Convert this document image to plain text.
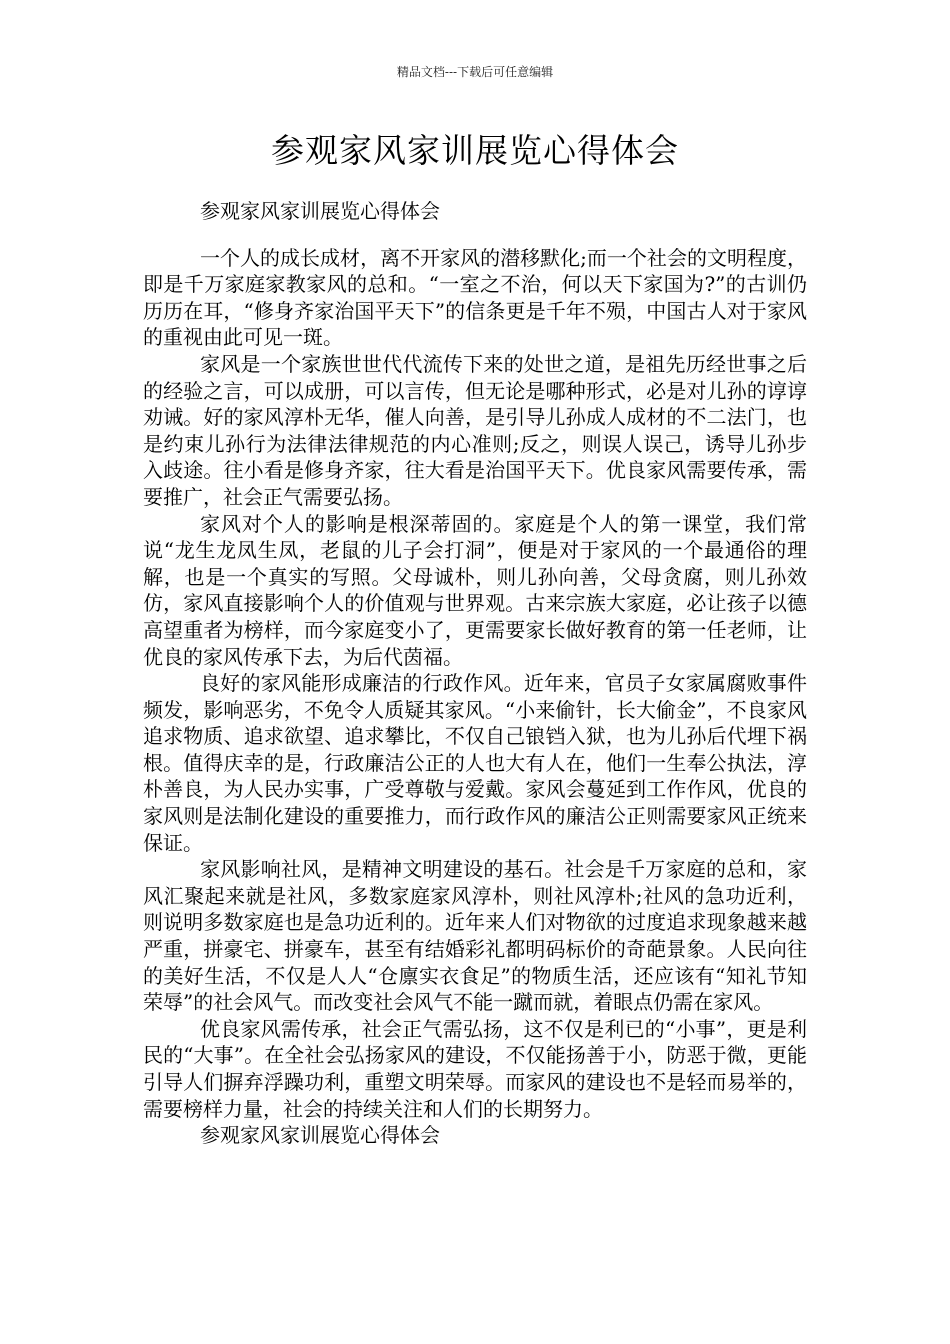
精品文档---下载后可任意编辑
参观家风家训展览心得体会

参观家风家训展览心得体会

一个人的成长成材，离不开家风的潜移默化;而一个社会的文明程度，即是千万家庭家教家风的总和。“一室之不治，何以天下家国为?”的古训仍历历在耳，“修身齐家治国平天下”的信条更是千年不殒，中国古人对于家风的重视由此可见一斑。

家风是一个家族世世代代流传下来的处世之道，是祖先历经世事之后的经验之言，可以成册，可以言传，但无论是哪种形式，必是对儿孙的谆谆劝诫。好的家风淳朴无华，催人向善，是引导儿孙成人成材的不二法门，也是约束儿孙行为法律法律规范的内心准则;反之，则误人误己，诱导儿孙步入歧途。往小看是修身齐家，往大看是治国平天下。优良家风需要传承，需要推广，社会正气需要弘扬。

家风对个人的影响是根深蒂固的。家庭是个人的第一课堂，我们常说“龙生龙凤生凤，老鼠的儿子会打洞”，便是对于家风的一个最通俗的理解，也是一个真实的写照。父母诚朴，则儿孙向善，父母贪腐，则儿孙效仿，家风直接影响个人的价值观与世界观。古来宗族大家庭，必让孩子以德高望重者为榜样，而今家庭变小了，更需要家长做好教育的第一任老师，让优良的家风传承下去，为后代茵福。

良好的家风能形成廉洁的行政作风。近年来，官员子女家属腐败事件频发，影响恶劣，不免令人质疑其家风。“小来偷针，长大偷金”，不良家风追求物质、追求欲望、追求攀比，不仅自己锒铛入狱，也为儿孙后代埋下祸根。值得庆幸的是，行政廉洁公正的人也大有人在，他们一生奉公执法，淳朴善良，为人民办实事，广受尊敬与爱戴。家风会蔓延到工作作风，优良的家风则是法制化建设的重要推力，而行政作风的廉洁公正则需要家风正统来保证。

家风影响社风，是精神文明建设的基石。社会是千万家庭的总和，家风汇聚起来就是社风，多数家庭家风淳朴，则社风淳朴;社风的急功近利，则说明多数家庭也是急功近利的。近年来人们对物欲的过度追求现象越来越严重，拼豪宅、拼豪车，甚至有结婚彩礼都明码标价的奇葩景象。人民向往的美好生活，不仅是人人“仓廪实衣食足”的物质生活，还应该有“知礼节知荣辱”的社会风气。而改变社会风气不能一蹴而就，着眼点仍需在家风。

优良家风需传承，社会正气需弘扬，这不仅是利已的“小事”，更是利民的“大事”。在全社会弘扬家风的建设，不仅能扬善于小，防恶于微，更能引导人们摒弃浮躁功利，重塑文明荣辱。而家风的建设也不是轻而易举的，需要榜样力量，社会的持续关注和人们的长期努力。

参观家风家训展览心得体会
